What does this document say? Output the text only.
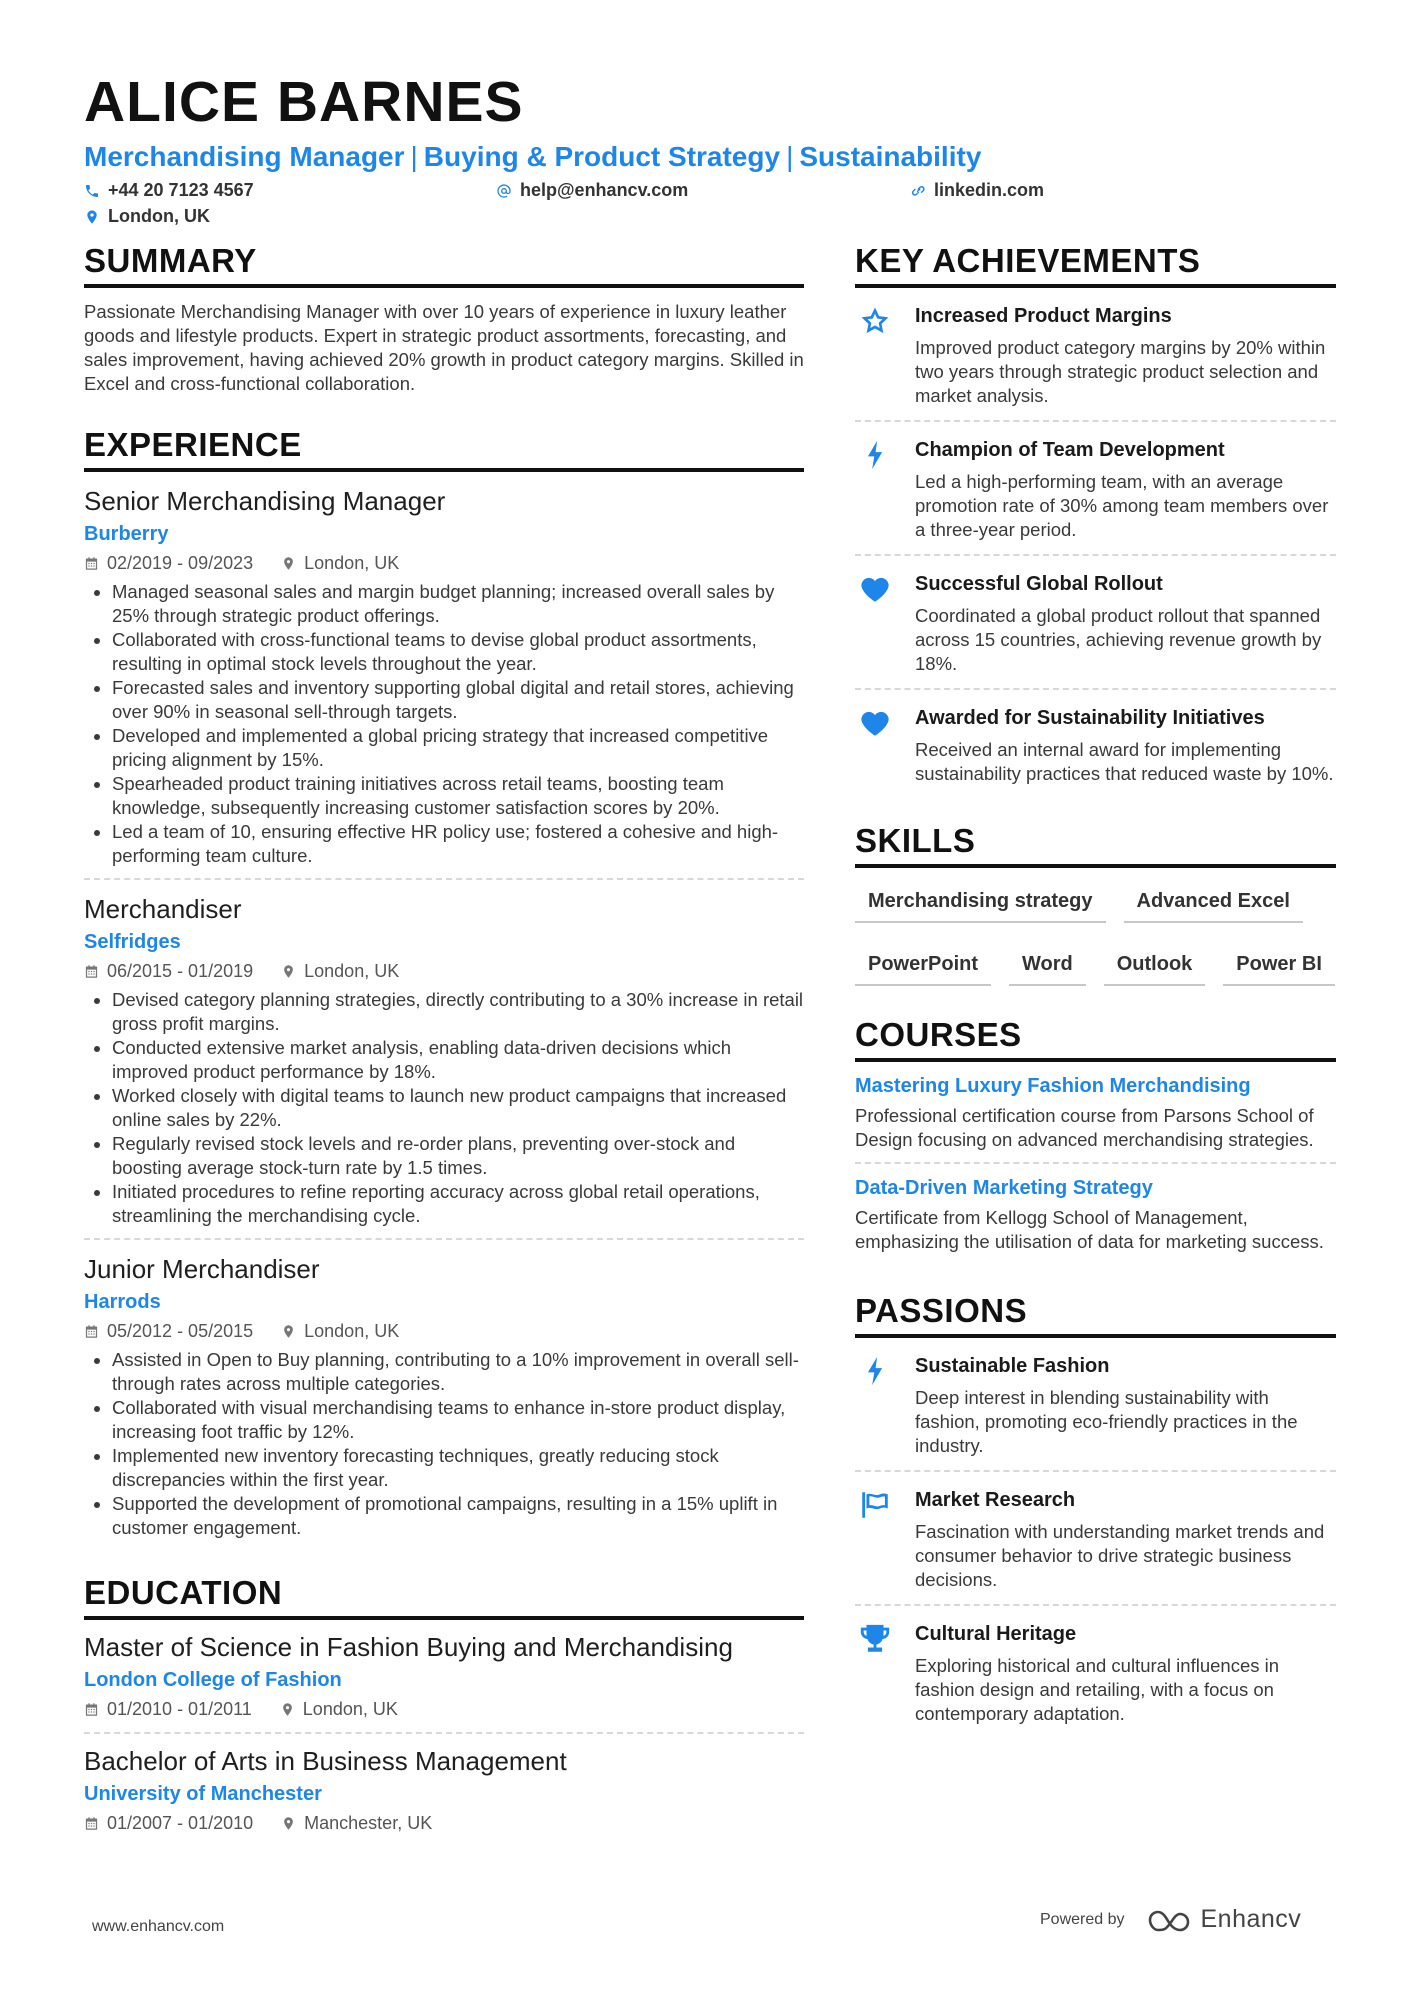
ALICE BARNES
Merchandising Manager | Buying & Product Strategy | Sustainability
+44 20 7123 4567	help@enhancv.com	linkedin.com
London, UK
SUMMARY

Passionate Merchandising Manager with over 10 years of experience in luxury leather goods and lifestyle products. Expert in strategic product assortments, forecasting, and sales improvement, having achieved 20% growth in product category margins. Skilled in Excel and cross-functional collaboration.

EXPERIENCE
Senior Merchandising Manager
Burberry
02/2019 - 09/2023	London, UK
• Managed seasonal sales and margin budget planning; increased overall sales by 25% through strategic product offerings.
• Collaborated with cross-functional teams to devise global product assortments, resulting in optimal stock levels throughout the year.
• Forecasted sales and inventory supporting global digital and retail stores, achieving over 90% in seasonal sell-through targets.
• Developed and implemented a global pricing strategy that increased competitive pricing alignment by 15%.
• Spearheaded product training initiatives across retail teams, boosting team knowledge, subsequently increasing customer satisfaction scores by 20%.
• Led a team of 10, ensuring effective HR policy use; fostered a cohesive and high-performing team culture.
Merchandiser
Selfridges
06/2015 - 01/2019	London, UK
• Devised category planning strategies, directly contributing to a 30% increase in retail gross profit margins.
• Conducted extensive market analysis, enabling data-driven decisions which improved product performance by 18%.
• Worked closely with digital teams to launch new product campaigns that increased online sales by 22%.
• Regularly revised stock levels and re-order plans, preventing over-stock and boosting average stock-turn rate by 1.5 times.
• Initiated procedures to refine reporting accuracy across global retail operations, streamlining the merchandising cycle.
Junior Merchandiser
Harrods
05/2012 - 05/2015	London, UK
• Assisted in Open to Buy planning, contributing to a 10% improvement in overall sell-through rates across multiple categories.
• Collaborated with visual merchandising teams to enhance in-store product display, increasing foot traffic by 12%.
• Implemented new inventory forecasting techniques, greatly reducing stock discrepancies within the first year.
• Supported the development of promotional campaigns, resulting in a 15% uplift in customer engagement.
EDUCATION
Master of Science in Fashion Buying and Merchandising
London College of Fashion
01/2010 - 01/2011	London, UK
Bachelor of Arts in Business Management
University of Manchester
01/2007 - 01/2010	Manchester, UK
KEY ACHIEVEMENTS
Increased Product Margins
Improved product category margins by 20% within two years through strategic product selection and market analysis.
Champion of Team Development
Led a high-performing team, with an average promotion rate of 30% among team members over a three-year period.
Successful Global Rollout
Coordinated a global product rollout that spanned across 15 countries, achieving revenue growth by 18%.
Awarded for Sustainability Initiatives
Received an internal award for implementing sustainability practices that reduced waste by 10%.
SKILLS
Merchandising strategy	Advanced Excel
PowerPoint	Word	Outlook	Power BI
COURSES
Mastering Luxury Fashion Merchandising
Professional certification course from Parsons School of Design focusing on advanced merchandising strategies.
Data-Driven Marketing Strategy
Certificate from Kellogg School of Management, emphasizing the utilisation of data for marketing success.
PASSIONS
Sustainable Fashion
Deep interest in blending sustainability with fashion, promoting eco-friendly practices in the industry.
Market Research
Fascination with understanding market trends and consumer behavior to drive strategic business decisions.
Cultural Heritage
Exploring historical and cultural influences in fashion design and retailing, with a focus on contemporary adaptation.
www.enhancv.com	Powered by	Enhancv
